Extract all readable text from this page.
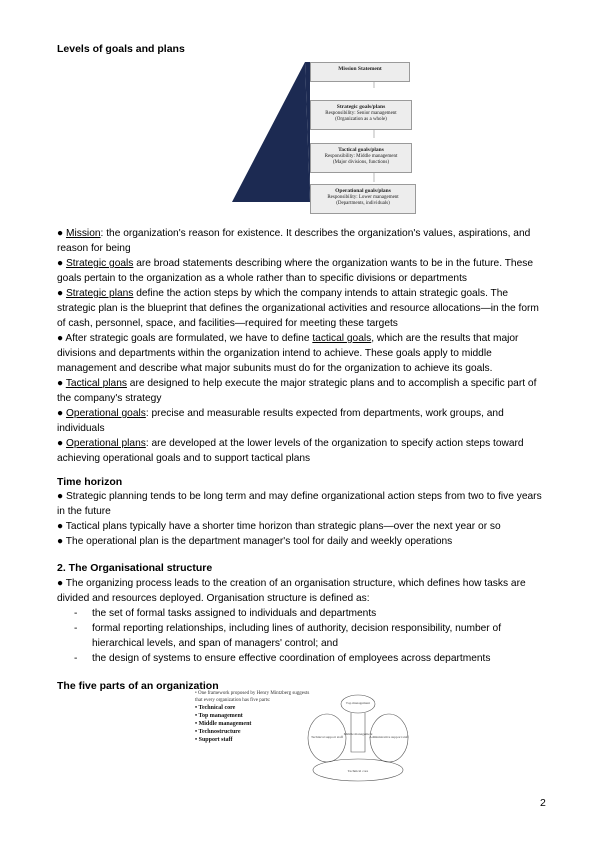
Levels of goals and plans
Mission Statement
Strategic goals/plans
Responsibility: Senior management
(Organization as a whole)
Tactical goals/plans
Responsibility: Middle management
(Major divisions, functions)
Operational goals/plans
Responsibility: Lower management
(Departments, individuals)

● Mission: the organization's reason for existence. It describes the organization's values, aspirations, and reason for being

● Strategic goals are broad statements describing where the organization wants to be in the future. These goals pertain to the organization as a whole rather than to specific divisions or departments

● Strategic plans define the action steps by which the company intends to attain strategic goals. The strategic plan is the blueprint that defines the organizational activities and resource allocations—in the form of cash, personnel, space, and facilities—required for meeting these targets

● After strategic goals are formulated, we have to define tactical goals, which are the results that major divisions and departments within the organization intend to achieve. These goals apply to middle management and describe what major subunits must do for the organization to achieve its goals.

● Tactical plans are designed to help execute the major strategic plans and to accomplish a specific part of the company's strategy

● Operational goals: precise and measurable results expected from departments, work groups, and individuals

● Operational plans: are developed at the lower levels of the organization to specify action steps toward achieving operational goals and to support tactical plans

Time horizon

● Strategic planning tends to be long term and may define organizational action steps from two to five years in the future

● Tactical plans typically have a shorter time horizon than strategic plans—over the next year or so

● The operational plan is the department manager's tool for daily and weekly operations

2. The Organisational structure
● The organizing process leads to the creation of an organisation structure, which defines how tasks are divided and resources deployed. Organisation structure is defined as:
-	the set of formal tasks assigned to individuals and departments
-	formal reporting relationships, including lines of authority, decision responsibility, number of hierarchical levels, and span of managers' control; and
-	the design of systems to ensure effective coordination of employees across departments
The five parts of an organization
• One framework proposed by Henry Mintzberg suggests
that every organization has five parts:
• Technical core
• Top management
• Middle management
• Technostructure
• Support staff
Top management
Technical support staff
Middle management
Administrative support staff
Technical core
2
